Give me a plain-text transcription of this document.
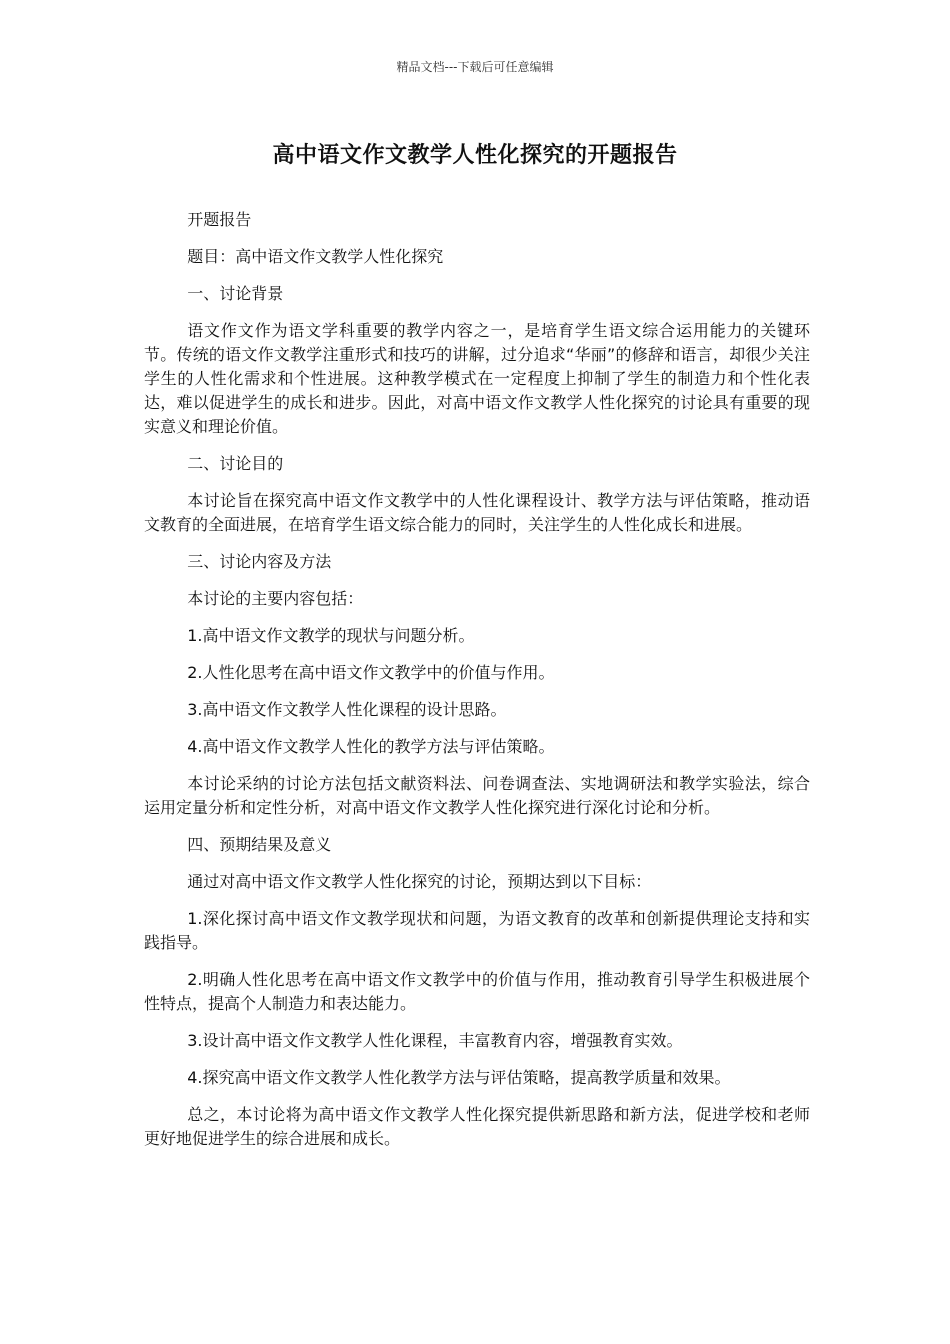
精品文档---下载后可任意编辑
高中语文作文教学人性化探究的开题报告

开题报告

题目：高中语文作文教学人性化探究

一、讨论背景

语文作文作为语文学科重要的教学内容之一，是培育学生语文综合运用能力的关键环节。传统的语文作文教学注重形式和技巧的讲解，过分追求“华丽”的修辞和语言，却很少关注学生的人性化需求和个性进展。这种教学模式在一定程度上抑制了学生的制造力和个性化表达，难以促进学生的成长和进步。因此，对高中语文作文教学人性化探究的讨论具有重要的现实意义和理论价值。

二、讨论目的

本讨论旨在探究高中语文作文教学中的人性化课程设计、教学方法与评估策略，推动语文教育的全面进展，在培育学生语文综合能力的同时，关注学生的人性化成长和进展。

三、讨论内容及方法

本讨论的主要内容包括：

1.高中语文作文教学的现状与问题分析。

2.人性化思考在高中语文作文教学中的价值与作用。

3.高中语文作文教学人性化课程的设计思路。

4.高中语文作文教学人性化的教学方法与评估策略。

本讨论采纳的讨论方法包括文献资料法、问卷调查法、实地调研法和教学实验法，综合运用定量分析和定性分析，对高中语文作文教学人性化探究进行深化讨论和分析。

四、预期结果及意义

通过对高中语文作文教学人性化探究的讨论，预期达到以下目标：

1.深化探讨高中语文作文教学现状和问题，为语文教育的改革和创新提供理论支持和实践指导。

2.明确人性化思考在高中语文作文教学中的价值与作用，推动教育引导学生积极进展个性特点，提高个人制造力和表达能力。

3.设计高中语文作文教学人性化课程，丰富教育内容，增强教育实效。

4.探究高中语文作文教学人性化教学方法与评估策略，提高教学质量和效果。

总之，本讨论将为高中语文作文教学人性化探究提供新思路和新方法，促进学校和老师更好地促进学生的综合进展和成长。
